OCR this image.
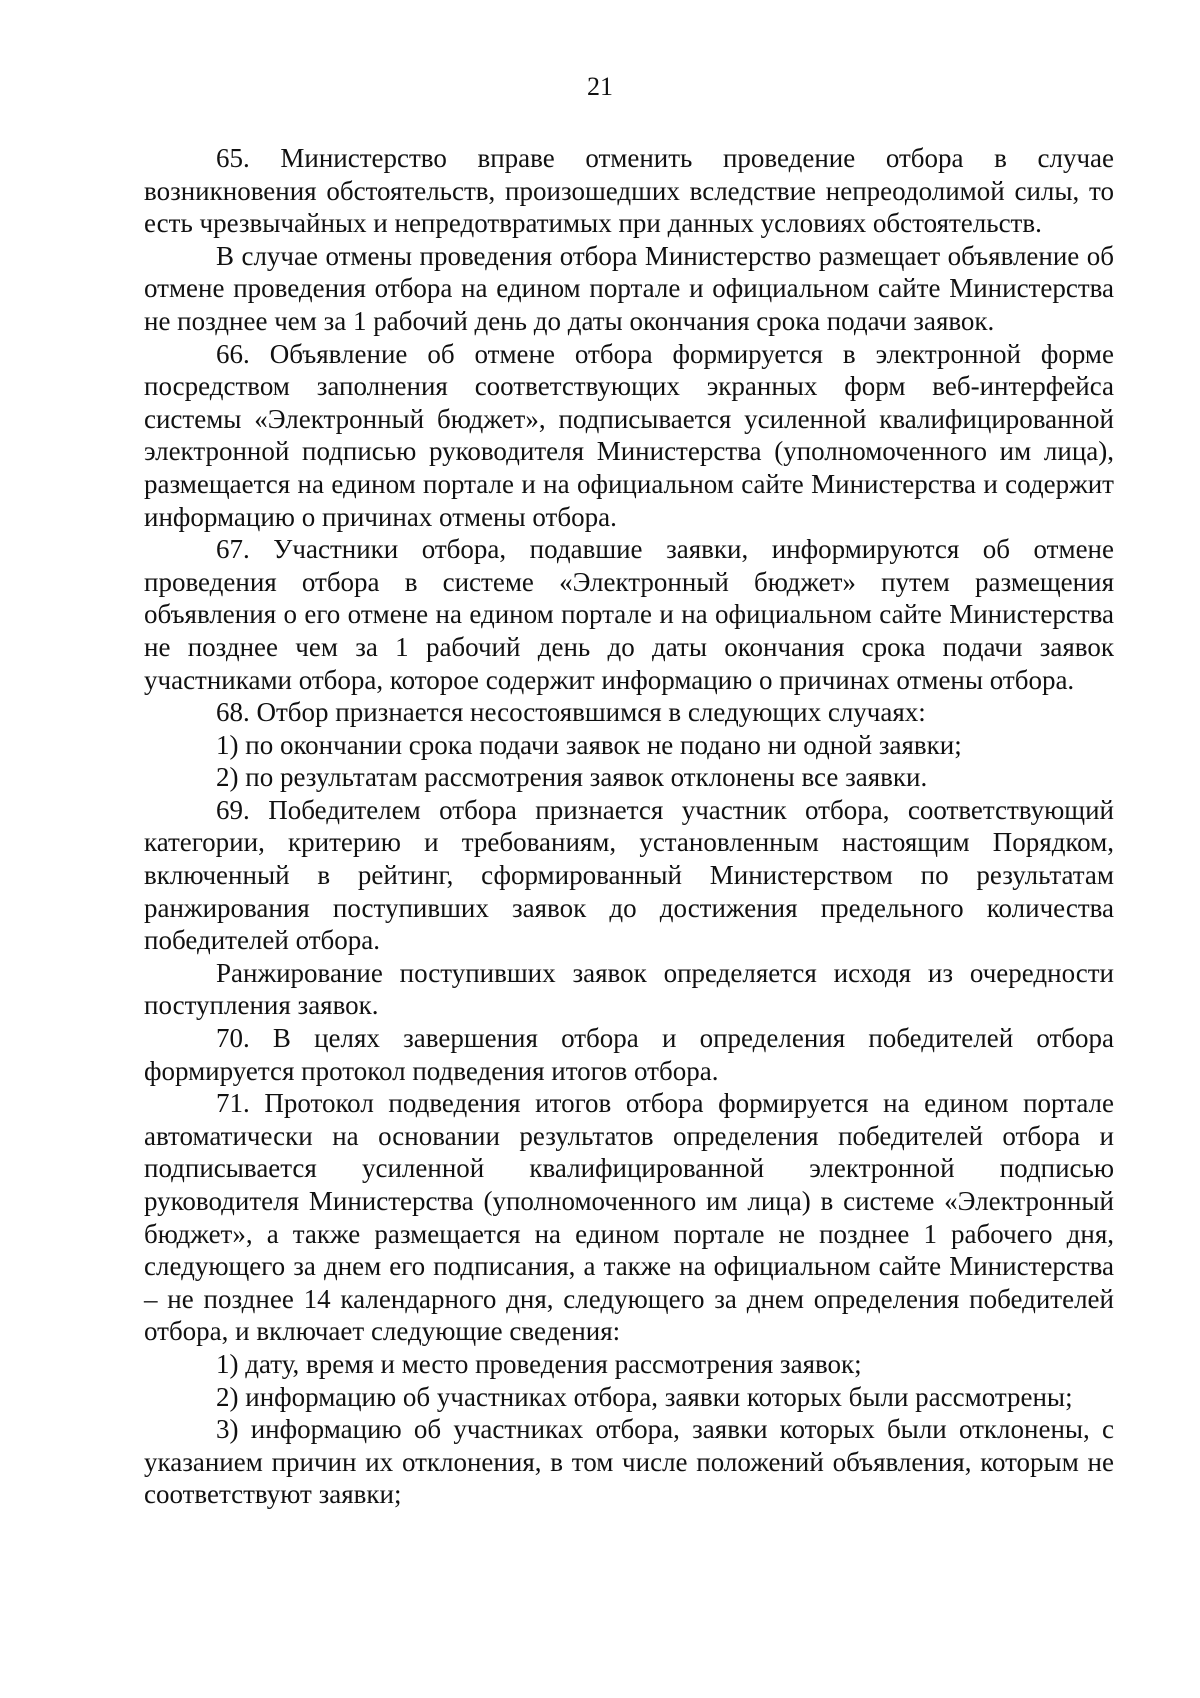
21

65. Министерство вправе отменить проведение отбора в случае возникновения обстоятельств, произошедших вследствие непреодолимой силы, то есть чрезвычайных и непредотвратимых при данных условиях обстоятельств.

В случае отмены проведения отбора Министерство размещает объявление об отмене проведения отбора на едином портале и официальном сайте Министерства не позднее чем за 1 рабочий день до даты окончания срока подачи заявок.

66. Объявление об отмене отбора формируется в электронной форме посредством заполнения соответствующих экранных форм веб-интерфейса системы «Электронный бюджет», подписывается усиленной квалифицированной электронной подписью руководителя Министерства (уполномоченного им лица), размещается на едином портале и на официальном сайте Министерства и содержит информацию о причинах отмены отбора.

67. Участники отбора, подавшие заявки, информируются об отмене проведения отбора в системе «Электронный бюджет» путем размещения объявления о его отмене на едином портале и на официальном сайте Министерства не позднее чем за 1 рабочий день до даты окончания срока подачи заявок участниками отбора, которое содержит информацию о причинах отмены отбора.

68. Отбор признается несостоявшимся в следующих случаях:

1) по окончании срока подачи заявок не подано ни одной заявки;

2) по результатам рассмотрения заявок отклонены все заявки.

69. Победителем отбора признается участник отбора, соответствующий категории, критерию и требованиям, установленным настоящим Порядком, включенный в рейтинг, сформированный Министерством по результатам ранжирования поступивших заявок до достижения предельного количества победителей отбора.

Ранжирование поступивших заявок определяется исходя из очередности поступления заявок.

70. В целях завершения отбора и определения победителей отбора формируется протокол подведения итогов отбора.

71. Протокол подведения итогов отбора формируется на едином портале автоматически на основании результатов определения победителей отбора и подписывается усиленной квалифицированной электронной подписью руководителя Министерства (уполномоченного им лица) в системе «Электронный бюджет», а также размещается на едином портале не позднее 1 рабочего дня, следующего за днем его подписания, а также на официальном сайте Министерства – не позднее 14 календарного дня, следующего за днем определения победителей отбора, и включает следующие сведения:

1) дату, время и место проведения рассмотрения заявок;

2) информацию об участниках отбора, заявки которых были рассмотрены;

3) информацию об участниках отбора, заявки которых были отклонены, с указанием причин их отклонения, в том числе положений объявления, которым не соответствуют заявки;
